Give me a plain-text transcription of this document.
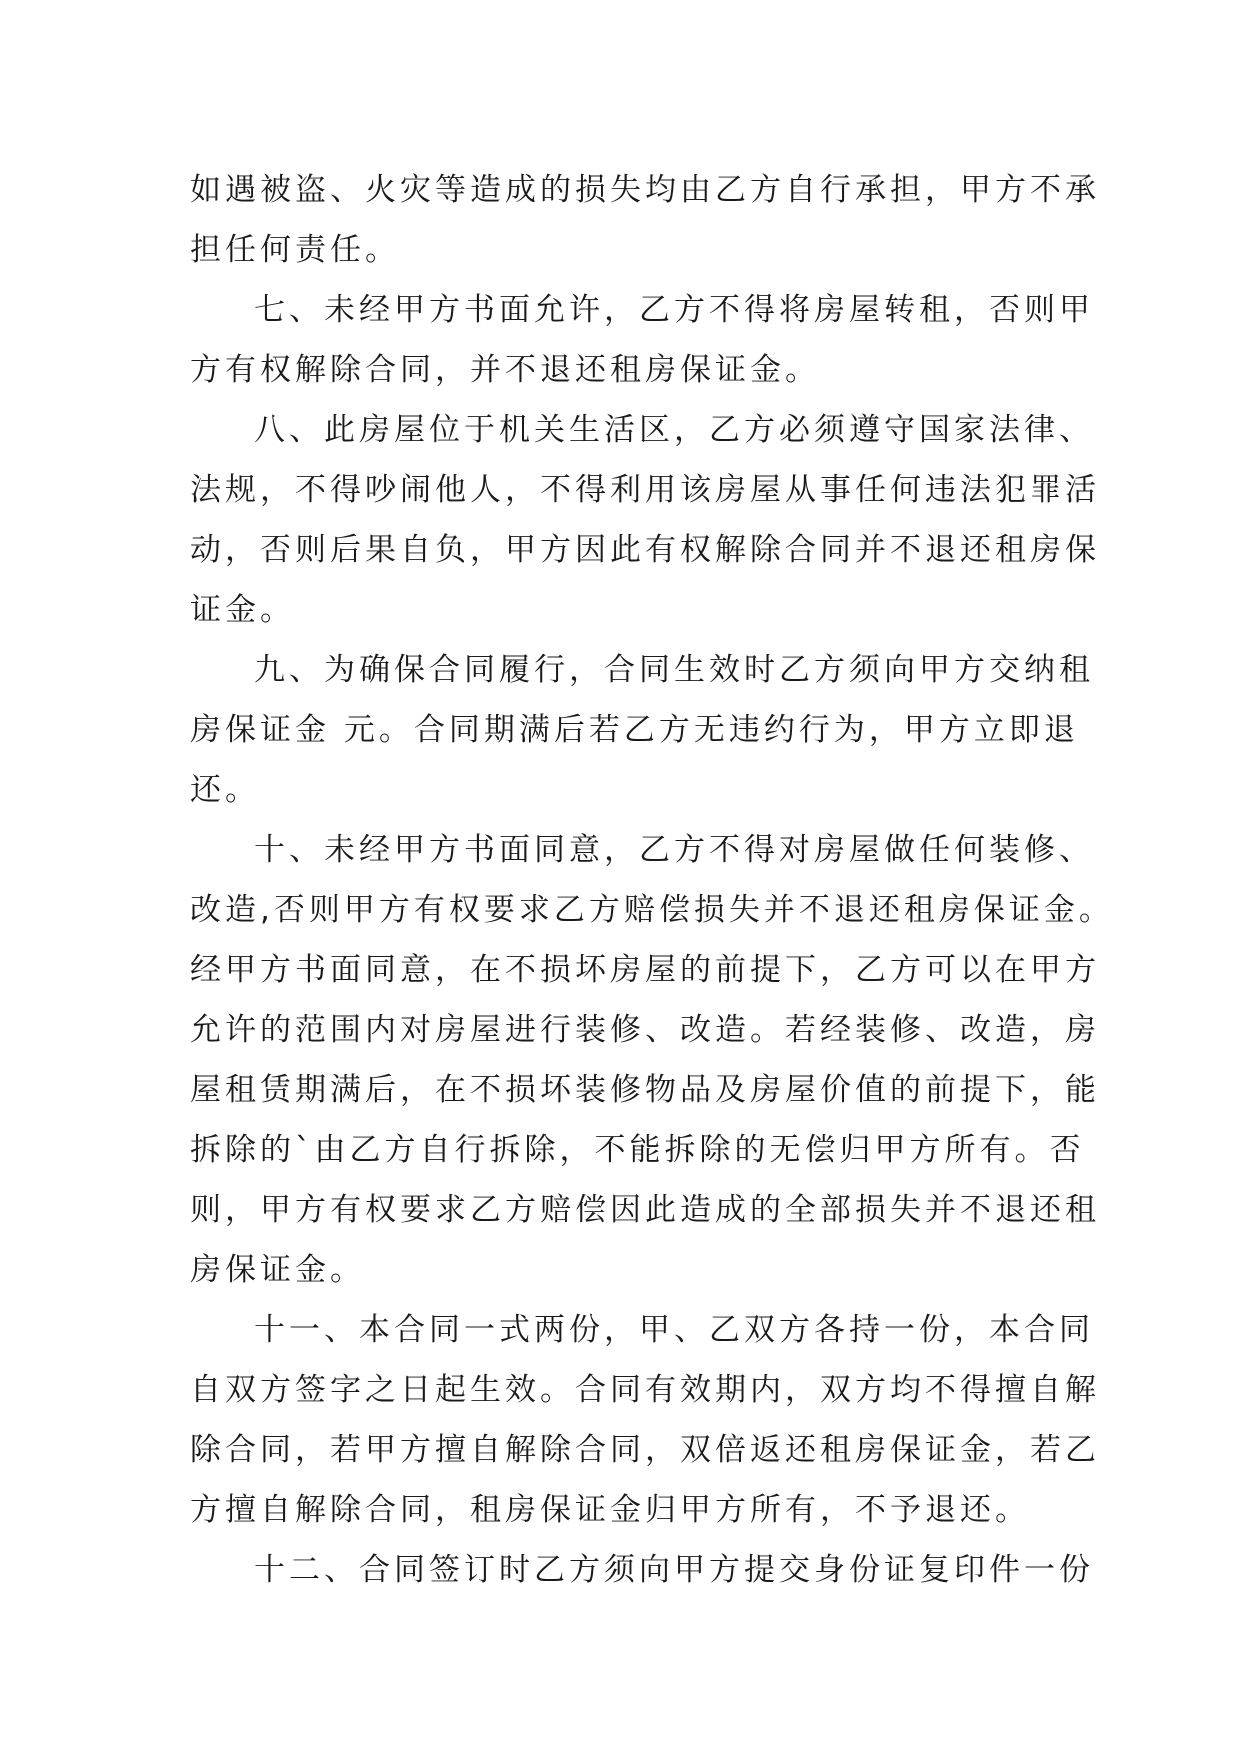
如遇被盗、火灾等造成的损失均由乙方自行承担，甲方不承

担任何责任。

七、未经甲方书面允许，乙方不得将房屋转租，否则甲

方有权解除合同，并不退还租房保证金。

八、此房屋位于机关生活区，乙方必须遵守国家法律、

法规，不得吵闹他人，不得利用该房屋从事任何违法犯罪活

动，否则后果自负，甲方因此有权解除合同并不退还租房保

证金。

九、为确保合同履行，合同生效时乙方须向甲方交纳租

房保证金 元。合同期满后若乙方无违约行为，甲方立即退

还。

十、未经甲方书面同意，乙方不得对房屋做任何装修、

改造,否则甲方有权要求乙方赔偿损失并不退还租房保证金。

经甲方书面同意，在不损坏房屋的前提下，乙方可以在甲方

允许的范围内对房屋进行装修、改造。若经装修、改造，房

屋租赁期满后，在不损坏装修物品及房屋价值的前提下，能

拆除的`由乙方自行拆除，不能拆除的无偿归甲方所有。否

则，甲方有权要求乙方赔偿因此造成的全部损失并不退还租

房保证金。

十一、本合同一式两份，甲、乙双方各持一份，本合同

自双方签字之日起生效。合同有效期内，双方均不得擅自解

除合同，若甲方擅自解除合同，双倍返还租房保证金，若乙

方擅自解除合同，租房保证金归甲方所有，不予退还。

十二、合同签订时乙方须向甲方提交身份证复印件一份
